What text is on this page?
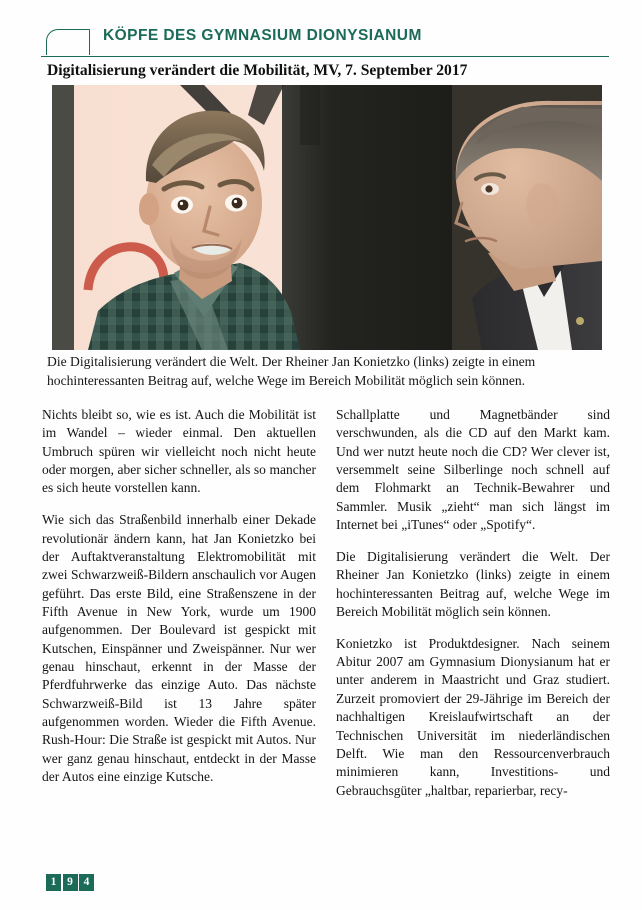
KÖPFE DES GYMNASIUM DIONYSIANUM
Digitalisierung verändert die Mobilität, MV, 7. September 2017
Die Digitalisierung verändert die Welt. Der Rheiner Jan Konietzko (links) zeigte in einem hochinteressanten Beitrag auf, welche Wege im Bereich Mobilität möglich sein können.

Nichts bleibt so, wie es ist. Auch die Mobilität ist im Wandel – wieder einmal. Den aktuellen Umbruch spüren wir vielleicht noch nicht heute oder morgen, aber sicher schneller, als so mancher es sich heute vorstellen kann.

Wie sich das Straßenbild innerhalb einer Dekade revolutionär ändern kann, hat Jan Konietzko bei der Auftaktveranstaltung Elektromobilität mit zwei Schwarzweiß-Bildern anschaulich vor Augen geführt. Das erste Bild, eine Straßenszene in der Fifth Avenue in New York, wurde um 1900 aufgenommen. Der Boulevard ist gespickt mit Kutschen, Einspänner und Zweispänner. Nur wer genau hinschaut, erkennt in der Masse der Pferdfuhrwerke das einzige Auto. Das nächste Schwarzweiß-Bild ist 13 Jahre später aufgenommen worden. Wieder die Fifth Avenue. Rush-Hour: Die Straße ist gespickt mit Autos. Nur wer ganz genau hinschaut, entdeckt in der Masse der Autos eine einzige Kutsche.

Schallplatte und Magnetbänder sind verschwunden, als die CD auf den Markt kam. Und wer nutzt heute noch die CD? Wer clever ist, versemmelt seine Silberlinge noch schnell auf dem Flohmarkt an Technik-Bewahrer und Sammler. Musik „zieht“ man sich längst im Internet bei „iTunes“ oder „Spotify“.

Die Digitalisierung verändert die Welt. Der Rheiner Jan Konietzko (links) zeigte in einem hochinteressanten Beitrag auf, welche Wege im Bereich Mobilität möglich sein können.

Konietzko ist Produktdesigner. Nach seinem Abitur 2007 am Gymnasium Dionysianum hat er unter anderem in Maastricht und Graz studiert. Zurzeit promoviert der 29-Jährige im Bereich der nachhaltigen Kreislaufwirtschaft an der Technischen Universität im niederländischen Delft. Wie man den Ressourcenverbrauch minimieren kann, Investitions- und Gebrauchsgüter „haltbar, reparierbar, recy-

1 9 4
